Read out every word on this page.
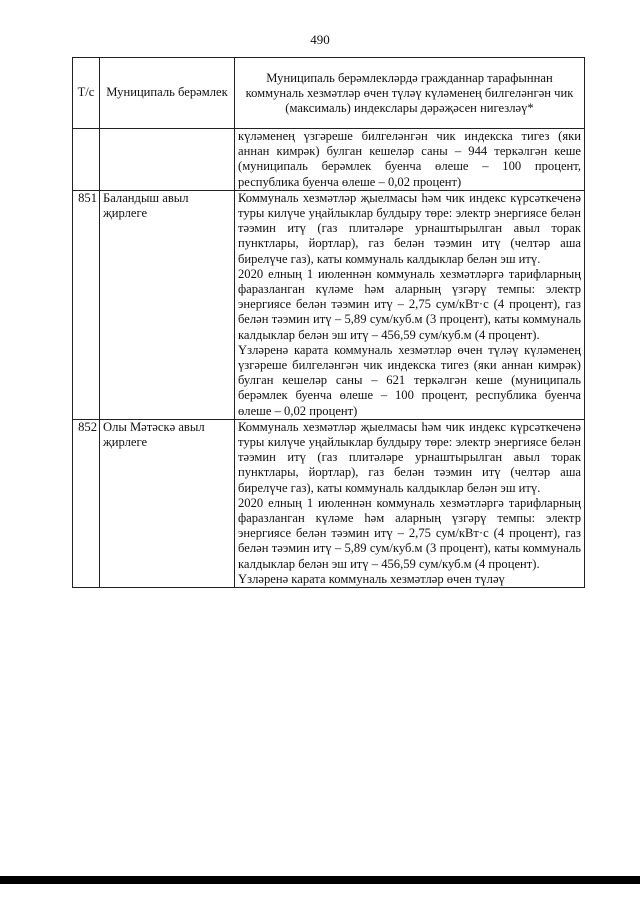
490
Т/с	Муниципаль берәмлек	Муниципаль берәмлекләрдә гражданнар тарафыннан коммуналь хезмәтләр өчен түләү күләменең билгеләнгән чик (максималь) индекслары дәрәҗәсен нигезләү*

		күләменең үзгәреше билгеләнгән чик индекска тигез (яки аннан кимрәк) булган кешеләр саны – 944 теркәлгән кеше (муниципаль берәмлек буенча өлеше – 100 процент, республика буенча өлеше – 0,02 процент)

851	Баландыш авыл җирлеге	Коммуналь хезмәтләр җыелмасы һәм чик индекс күрсәткеченә туры килүче уңайлыклар булдыру төре: электр энергиясе белән тәэмин итү (газ плитәләре урнаштырылган авыл торак пунктлары, йортлар), газ белән тәэмин итү (челтәр аша бирелүче газ), каты коммуналь калдыклар белән эш итү.

2020 елның 1 июленнән коммуналь хезмәтләргә тарифларның фаразланган күләме һәм аларның үзгәрү темпы: электр энергиясе белән тәэмин итү – 2,75 сум/кВт·с (4 процент), газ белән тәэмин итү – 5,89 сум/куб.м (3 процент), каты коммуналь калдыклар белән эш итү – 456,59 сум/куб.м (4 процент).

Үзләренә карата коммуналь хезмәтләр өчен түләү күләменең үзгәреше билгеләнгән чик индекска тигез (яки аннан кимрәк) булган кешеләр саны – 621 теркәлгән кеше (муниципаль берәмлек буенча өлеше – 100 процент, республика буенча өлеше – 0,02 процент)

852	Олы Мәтәскә авыл җирлеге	Коммуналь хезмәтләр җыелмасы һәм чик индекс күрсәткеченә туры килүче уңайлыклар булдыру төре: электр энергиясе белән тәэмин итү (газ плитәләре урнаштырылган авыл торак пунктлары, йортлар), газ белән тәэмин итү (челтәр аша бирелүче газ), каты коммуналь калдыклар белән эш итү.

2020 елның 1 июленнән коммуналь хезмәтләргә тарифларның фаразланган күләме һәм аларның үзгәрү темпы: электр энергиясе белән тәэмин итү – 2,75 сум/кВт·с (4 процент), газ белән тәэмин итү – 5,89 сум/куб.м (3 процент), каты коммуналь калдыклар белән эш итү – 456,59 сум/куб.м (4 процент).

Үзләренә карата коммуналь хезмәтләр өчен түләү
